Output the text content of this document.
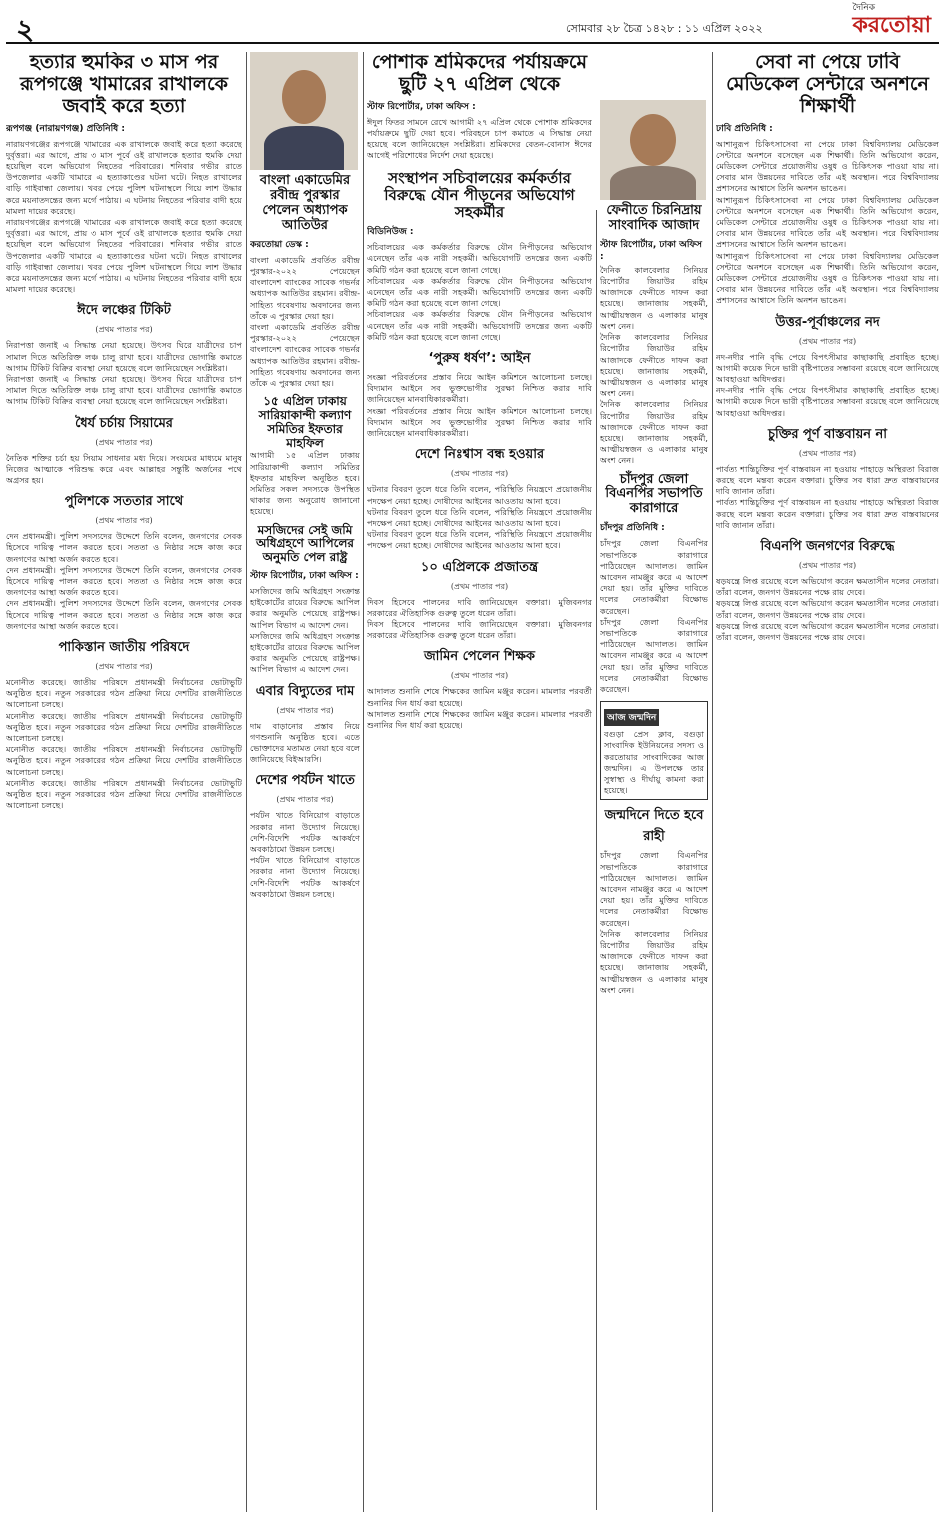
২	সোমবার ২৮ চৈত্র ১৪২৮ : ১১ এপ্রিল ২০২২
দৈনিক
করতোয়া
হত্যার হুমকির ৩ মাস পর রূপগঞ্জে খামারের রাখালকে জবাই করে হত্যা
রূপগঞ্জ (নারায়ণগঞ্জ) প্রতিনিধি :
নারায়ণগঞ্জের রূপগঞ্জে খামারের এক রাখালকে জবাই করে হত্যা করেছে দুর্বৃত্তরা। এর আগে, প্রায় ৩ মাস পূর্বে ওই রাখালকে হত্যার হুমকি দেয়া হয়েছিল বলে অভিযোগ নিহতের পরিবারের। শনিবার গভীর রাতে উপজেলার একটি খামারে এ হত্যাকাণ্ডের ঘটনা ঘটে। নিহত রাখালের বাড়ি গাইবান্ধা জেলায়। খবর পেয়ে পুলিশ ঘটনাস্থলে গিয়ে লাশ উদ্ধার করে ময়নাতদন্তের জন্য মর্গে পাঠায়। এ ঘটনায় নিহতের পরিবার বাদী হয়ে মামলা দায়ের করেছে।
নারায়ণগঞ্জের রূপগঞ্জে খামারের এক রাখালকে জবাই করে হত্যা করেছে দুর্বৃত্তরা। এর আগে, প্রায় ৩ মাস পূর্বে ওই রাখালকে হত্যার হুমকি দেয়া হয়েছিল বলে অভিযোগ নিহতের পরিবারের। শনিবার গভীর রাতে উপজেলার একটি খামারে এ হত্যাকাণ্ডের ঘটনা ঘটে। নিহত রাখালের বাড়ি গাইবান্ধা জেলায়। খবর পেয়ে পুলিশ ঘটনাস্থলে গিয়ে লাশ উদ্ধার করে ময়নাতদন্তের জন্য মর্গে পাঠায়। এ ঘটনায় নিহতের পরিবার বাদী হয়ে মামলা দায়ের করেছে।
ঈদে লঞ্চের টিকিট
(প্রথম পাতার পর)
নিরাপত্তা জনাই এ সিদ্ধান্ত নেয়া হয়েছে। উৎসব ঘিরে যাত্রীদের চাপ সামাল দিতে অতিরিক্ত লঞ্চ চালু রাখা হবে। যাত্রীদের ভোগান্তি কমাতে আগাম টিকিট বিক্রির ব্যবস্থা নেয়া হয়েছে বলে জানিয়েছেন সংশ্লিষ্টরা।
নিরাপত্তা জনাই এ সিদ্ধান্ত নেয়া হয়েছে। উৎসব ঘিরে যাত্রীদের চাপ সামাল দিতে অতিরিক্ত লঞ্চ চালু রাখা হবে। যাত্রীদের ভোগান্তি কমাতে আগাম টিকিট বিক্রির ব্যবস্থা নেয়া হয়েছে বলে জানিয়েছেন সংশ্লিষ্টরা।
ধৈর্য চর্চায় সিয়ামের
(প্রথম পাতার পর)
নৈতিক শক্তির চর্চা হয় সিয়াম সাধনার মধ্য দিয়ে। সংযমের মাধ্যমে মানুষ নিজের আত্মাকে পরিশুদ্ধ করে এবং আল্লাহর সন্তুষ্টি অর্জনের পথে অগ্রসর হয়।
পুলিশকে সততার সাথে
(প্রথম পাতার পর)
দেন প্রধানমন্ত্রী। পুলিশ সদস্যদের উদ্দেশে তিনি বলেন, জনগণের সেবক হিসেবে দায়িত্ব পালন করতে হবে। সততা ও নিষ্ঠার সঙ্গে কাজ করে জনগণের আস্থা অর্জন করতে হবে।
দেন প্রধানমন্ত্রী। পুলিশ সদস্যদের উদ্দেশে তিনি বলেন, জনগণের সেবক হিসেবে দায়িত্ব পালন করতে হবে। সততা ও নিষ্ঠার সঙ্গে কাজ করে জনগণের আস্থা অর্জন করতে হবে।
দেন প্রধানমন্ত্রী। পুলিশ সদস্যদের উদ্দেশে তিনি বলেন, জনগণের সেবক হিসেবে দায়িত্ব পালন করতে হবে। সততা ও নিষ্ঠার সঙ্গে কাজ করে জনগণের আস্থা অর্জন করতে হবে।
পাকিস্তান জাতীয় পরিষদে
(প্রথম পাতার পর)
মনোনীত করেছে। জাতীয় পরিষদে প্রধানমন্ত্রী নির্বাচনের ভোটাভুটি অনুষ্ঠিত হবে। নতুন সরকারের গঠন প্রক্রিয়া নিয়ে দেশটির রাজনীতিতে আলোচনা চলছে।
মনোনীত করেছে। জাতীয় পরিষদে প্রধানমন্ত্রী নির্বাচনের ভোটাভুটি অনুষ্ঠিত হবে। নতুন সরকারের গঠন প্রক্রিয়া নিয়ে দেশটির রাজনীতিতে আলোচনা চলছে।
মনোনীত করেছে। জাতীয় পরিষদে প্রধানমন্ত্রী নির্বাচনের ভোটাভুটি অনুষ্ঠিত হবে। নতুন সরকারের গঠন প্রক্রিয়া নিয়ে দেশটির রাজনীতিতে আলোচনা চলছে।
মনোনীত করেছে। জাতীয় পরিষদে প্রধানমন্ত্রী নির্বাচনের ভোটাভুটি অনুষ্ঠিত হবে। নতুন সরকারের গঠন প্রক্রিয়া নিয়ে দেশটির রাজনীতিতে আলোচনা চলছে।
বাংলা একাডেমির রবীন্দ্র পুরস্কার পেলেন অধ্যাপক আতিউর
করতোয়া ডেস্ক :
বাংলা একাডেমি প্রবর্তিত রবীন্দ্র পুরস্কার-২০২২ পেয়েছেন বাংলাদেশ ব্যাংকের সাবেক গভর্নর অধ্যাপক আতিউর রহমান। রবীন্দ্র-সাহিত্য গবেষণায় অবদানের জন্য তাঁকে এ পুরস্কার দেয়া হয়।
বাংলা একাডেমি প্রবর্তিত রবীন্দ্র পুরস্কার-২০২২ পেয়েছেন বাংলাদেশ ব্যাংকের সাবেক গভর্নর অধ্যাপক আতিউর রহমান। রবীন্দ্র-সাহিত্য গবেষণায় অবদানের জন্য তাঁকে এ পুরস্কার দেয়া হয়।
১৫ এপ্রিল ঢাকায় সারিয়াকান্দী কল্যাণ সমিতির ইফতার মাহফিল
আগামী ১৫ এপ্রিল ঢাকায় সারিয়াকান্দী কল্যাণ সমিতির ইফতার মাহফিল অনুষ্ঠিত হবে। সমিতির সকল সদস্যকে উপস্থিত থাকার জন্য অনুরোধ জানানো হয়েছে।
মসজিদের সেই জমি অধিগ্রহণে আপিলের অনুমতি পেল রাষ্ট্র
স্টাফ রিপোর্টার, ঢাকা অফিস :
মসজিদের জমি অধিগ্রহণ সংক্রান্ত হাইকোর্টের রায়ের বিরুদ্ধে আপিল করার অনুমতি পেয়েছে রাষ্ট্রপক্ষ। আপিল বিভাগ এ আদেশ দেন।
মসজিদের জমি অধিগ্রহণ সংক্রান্ত হাইকোর্টের রায়ের বিরুদ্ধে আপিল করার অনুমতি পেয়েছে রাষ্ট্রপক্ষ। আপিল বিভাগ এ আদেশ দেন।
এবার বিদ্যুতের দাম
(প্রথম পাতার পর)
দাম বাড়ানোর প্রস্তাব নিয়ে গণশুনানি অনুষ্ঠিত হবে। এতে ভোক্তাদের মতামত নেয়া হবে বলে জানিয়েছে বিইআরসি।
দেশের পর্যটন খাতে
(প্রথম পাতার পর)
পর্যটন খাতে বিনিয়োগ বাড়াতে সরকার নানা উদ্যোগ নিয়েছে। দেশি-বিদেশি পর্যটক আকর্ষণে অবকাঠামো উন্নয়ন চলছে।
পর্যটন খাতে বিনিয়োগ বাড়াতে সরকার নানা উদ্যোগ নিয়েছে। দেশি-বিদেশি পর্যটক আকর্ষণে অবকাঠামো উন্নয়ন চলছে।
পোশাক শ্রমিকদের পর্যায়ক্রমে ছুটি ২৭ এপ্রিল থেকে
স্টাফ রিপোর্টার, ঢাকা অফিস :
ঈদুল ফিতর সামনে রেখে আগামী ২৭ এপ্রিল থেকে পোশাক শ্রমিকদের পর্যায়ক্রমে ছুটি দেয়া হবে। পরিবহনে চাপ কমাতে এ সিদ্ধান্ত নেয়া হয়েছে বলে জানিয়েছেন সংশ্লিষ্টরা। শ্রমিকদের বেতন-বোনাস ঈদের আগেই পরিশোধের নির্দেশ দেয়া হয়েছে।
সংস্থাপন সচিবালয়ের কর্মকর্তার বিরুদ্ধে যৌন পীড়নের অভিযোগ সহকর্মীর
বিডিনিউজ :
সচিবালয়ের এক কর্মকর্তার বিরুদ্ধে যৌন নিপীড়নের অভিযোগ এনেছেন তাঁর এক নারী সহকর্মী। অভিযোগটি তদন্তের জন্য একটি কমিটি গঠন করা হয়েছে বলে জানা গেছে।
সচিবালয়ের এক কর্মকর্তার বিরুদ্ধে যৌন নিপীড়নের অভিযোগ এনেছেন তাঁর এক নারী সহকর্মী। অভিযোগটি তদন্তের জন্য একটি কমিটি গঠন করা হয়েছে বলে জানা গেছে।
সচিবালয়ের এক কর্মকর্তার বিরুদ্ধে যৌন নিপীড়নের অভিযোগ এনেছেন তাঁর এক নারী সহকর্মী। অভিযোগটি তদন্তের জন্য একটি কমিটি গঠন করা হয়েছে বলে জানা গেছে।
‘পুরুষ ধর্ষণ’: আইন
সংজ্ঞা পরিবর্তনের প্রস্তাব নিয়ে আইন কমিশনে আলোচনা চলছে। বিদ্যমান আইনে সব ভুক্তভোগীর সুরক্ষা নিশ্চিত করার দাবি জানিয়েছেন মানবাধিকারকর্মীরা।
সংজ্ঞা পরিবর্তনের প্রস্তাব নিয়ে আইন কমিশনে আলোচনা চলছে। বিদ্যমান আইনে সব ভুক্তভোগীর সুরক্ষা নিশ্চিত করার দাবি জানিয়েছেন মানবাধিকারকর্মীরা।
দেশে নিঃশ্বাস বন্ধ হওয়ার
(প্রথম পাতার পর)
ঘটনার বিবরণ তুলে ধরে তিনি বলেন, পরিস্থিতি নিয়ন্ত্রণে প্রয়োজনীয় পদক্ষেপ নেয়া হচ্ছে। দোষীদের আইনের আওতায় আনা হবে।
ঘটনার বিবরণ তুলে ধরে তিনি বলেন, পরিস্থিতি নিয়ন্ত্রণে প্রয়োজনীয় পদক্ষেপ নেয়া হচ্ছে। দোষীদের আইনের আওতায় আনা হবে।
ঘটনার বিবরণ তুলে ধরে তিনি বলেন, পরিস্থিতি নিয়ন্ত্রণে প্রয়োজনীয় পদক্ষেপ নেয়া হচ্ছে। দোষীদের আইনের আওতায় আনা হবে।
১০ এপ্রিলকে প্রজাতন্ত্র
(প্রথম পাতার পর)
দিবস হিসেবে পালনের দাবি জানিয়েছেন বক্তারা। মুজিবনগর সরকারের ঐতিহাসিক গুরুত্ব তুলে ধরেন তাঁরা।
দিবস হিসেবে পালনের দাবি জানিয়েছেন বক্তারা। মুজিবনগর সরকারের ঐতিহাসিক গুরুত্ব তুলে ধরেন তাঁরা।
জামিন পেলেন শিক্ষক
(প্রথম পাতার পর)
আদালত শুনানি শেষে শিক্ষকের জামিন মঞ্জুর করেন। মামলার পরবর্তী শুনানির দিন ধার্য করা হয়েছে।
আদালত শুনানি শেষে শিক্ষকের জামিন মঞ্জুর করেন। মামলার পরবর্তী শুনানির দিন ধার্য করা হয়েছে।
ফেনীতে চিরনিদ্রায় সাংবাদিক আজাদ
স্টাফ রিপোর্টার, ঢাকা অফিস :
দৈনিক কালবেলার সিনিয়র রিপোর্টার জিয়াউর রহিম আজাদকে ফেনীতে দাফন করা হয়েছে। জানাজায় সহকর্মী, আত্মীয়স্বজন ও এলাকার মানুষ অংশ নেন।
দৈনিক কালবেলার সিনিয়র রিপোর্টার জিয়াউর রহিম আজাদকে ফেনীতে দাফন করা হয়েছে। জানাজায় সহকর্মী, আত্মীয়স্বজন ও এলাকার মানুষ অংশ নেন।
দৈনিক কালবেলার সিনিয়র রিপোর্টার জিয়াউর রহিম আজাদকে ফেনীতে দাফন করা হয়েছে। জানাজায় সহকর্মী, আত্মীয়স্বজন ও এলাকার মানুষ অংশ নেন।
চাঁদপুর জেলা বিএনপির সভাপতি কারাগারে
চাঁদপুর প্রতিনিধি :
চাঁদপুর জেলা বিএনপির সভাপতিকে কারাগারে পাঠিয়েছেন আদালত। জামিন আবেদন নামঞ্জুর করে এ আদেশ দেয়া হয়। তাঁর মুক্তির দাবিতে দলের নেতাকর্মীরা বিক্ষোভ করেছেন।
চাঁদপুর জেলা বিএনপির সভাপতিকে কারাগারে পাঠিয়েছেন আদালত। জামিন আবেদন নামঞ্জুর করে এ আদেশ দেয়া হয়। তাঁর মুক্তির দাবিতে দলের নেতাকর্মীরা বিক্ষোভ করেছেন।
আজ জন্মদিন
বগুড়া প্রেস ক্লাব, বগুড়া সাংবাদিক ইউনিয়নের সদস্য ও করতোয়ার সাংবাদিকের আজ জন্মদিন। এ উপলক্ষে তার সুস্বাস্থ্য ও দীর্ঘায়ু কামনা করা হয়েছে।
জন্মদিনে দিতে হবে রাহী
চাঁদপুর জেলা বিএনপির সভাপতিকে কারাগারে পাঠিয়েছেন আদালত। জামিন আবেদন নামঞ্জুর করে এ আদেশ দেয়া হয়। তাঁর মুক্তির দাবিতে দলের নেতাকর্মীরা বিক্ষোভ করেছেন।
দৈনিক কালবেলার সিনিয়র রিপোর্টার জিয়াউর রহিম আজাদকে ফেনীতে দাফন করা হয়েছে। জানাজায় সহকর্মী, আত্মীয়স্বজন ও এলাকার মানুষ অংশ নেন।
সেবা না পেয়ে ঢাবি মেডিকেল সেন্টারে অনশনে শিক্ষার্থী
ঢাবি প্রতিনিধি :
আশানুরূপ চিকিৎসাসেবা না পেয়ে ঢাকা বিশ্ববিদ্যালয় মেডিকেল সেন্টারে অনশনে বসেছেন এক শিক্ষার্থী। তিনি অভিযোগ করেন, মেডিকেল সেন্টারে প্রয়োজনীয় ওষুধ ও চিকিৎসক পাওয়া যায় না। সেবার মান উন্নয়নের দাবিতে তাঁর এই অবস্থান। পরে বিশ্ববিদ্যালয় প্রশাসনের আশ্বাসে তিনি অনশন ভাঙেন।
আশানুরূপ চিকিৎসাসেবা না পেয়ে ঢাকা বিশ্ববিদ্যালয় মেডিকেল সেন্টারে অনশনে বসেছেন এক শিক্ষার্থী। তিনি অভিযোগ করেন, মেডিকেল সেন্টারে প্রয়োজনীয় ওষুধ ও চিকিৎসক পাওয়া যায় না। সেবার মান উন্নয়নের দাবিতে তাঁর এই অবস্থান। পরে বিশ্ববিদ্যালয় প্রশাসনের আশ্বাসে তিনি অনশন ভাঙেন।
আশানুরূপ চিকিৎসাসেবা না পেয়ে ঢাকা বিশ্ববিদ্যালয় মেডিকেল সেন্টারে অনশনে বসেছেন এক শিক্ষার্থী। তিনি অভিযোগ করেন, মেডিকেল সেন্টারে প্রয়োজনীয় ওষুধ ও চিকিৎসক পাওয়া যায় না। সেবার মান উন্নয়নের দাবিতে তাঁর এই অবস্থান। পরে বিশ্ববিদ্যালয় প্রশাসনের আশ্বাসে তিনি অনশন ভাঙেন।
উত্তর-পূর্বাঞ্চলের নদ
(প্রথম পাতার পর)
নদ-নদীর পানি বৃদ্ধি পেয়ে বিপৎসীমার কাছাকাছি প্রবাহিত হচ্ছে। আগামী কয়েক দিনে ভারী বৃষ্টিপাতের সম্ভাবনা রয়েছে বলে জানিয়েছে আবহাওয়া অধিদপ্তর।
নদ-নদীর পানি বৃদ্ধি পেয়ে বিপৎসীমার কাছাকাছি প্রবাহিত হচ্ছে। আগামী কয়েক দিনে ভারী বৃষ্টিপাতের সম্ভাবনা রয়েছে বলে জানিয়েছে আবহাওয়া অধিদপ্তর।
চুক্তির পূর্ণ বাস্তবায়ন না
(প্রথম পাতার পর)
পার্বত্য শান্তিচুক্তির পূর্ণ বাস্তবায়ন না হওয়ায় পাহাড়ে অস্থিরতা বিরাজ করছে বলে মন্তব্য করেন বক্তারা। চুক্তির সব ধারা দ্রুত বাস্তবায়নের দাবি জানান তাঁরা।
পার্বত্য শান্তিচুক্তির পূর্ণ বাস্তবায়ন না হওয়ায় পাহাড়ে অস্থিরতা বিরাজ করছে বলে মন্তব্য করেন বক্তারা। চুক্তির সব ধারা দ্রুত বাস্তবায়নের দাবি জানান তাঁরা।
বিএনপি জনগণের বিরুদ্ধে
(প্রথম পাতার পর)
ষড়যন্ত্রে লিপ্ত রয়েছে বলে অভিযোগ করেন ক্ষমতাসীন দলের নেতারা। তাঁরা বলেন, জনগণ উন্নয়নের পক্ষে রায় দেবে।
ষড়যন্ত্রে লিপ্ত রয়েছে বলে অভিযোগ করেন ক্ষমতাসীন দলের নেতারা। তাঁরা বলেন, জনগণ উন্নয়নের পক্ষে রায় দেবে।
ষড়যন্ত্রে লিপ্ত রয়েছে বলে অভিযোগ করেন ক্ষমতাসীন দলের নেতারা। তাঁরা বলেন, জনগণ উন্নয়নের পক্ষে রায় দেবে।
